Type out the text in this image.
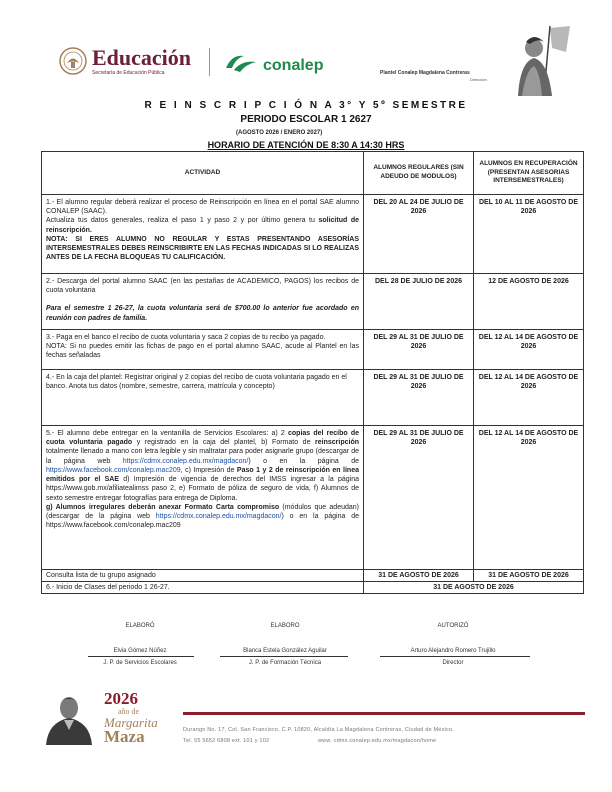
Educación
Secretaría de Educación Pública	conalep	Plantel Conalep Magdalena Contreras
Dirección
R E I N S C R I P C I Ó N A 3° Y 5º SEMESTRE
PERIODO ESCOLAR 1 2627
(AGOSTO 2026 / ENERO 2027)
HORARIO DE ATENCIÓN DE 8:30 A 14:30 HRS
ACTIVIDAD	ALUMNOS REGULARES (SIN ADEUDO DE MODULOS)	ALUMNOS EN RECUPERACIÓN (PRESENTAN ASESORIAS INTERSEMESTRALES)

1.- El alumno regular deberá realizar el proceso de Reinscripción en línea en el portal SAE alumno CONALEP (SAAC).
Actualiza tus datos generales, realiza el paso 1 y paso 2 y por último genera tu solicitud de reinscripción.
NOTA: SI ERES ALUMNO NO REGULAR Y ESTAS PRESENTANDO ASESORÍAS INTERSEMESTRALES DEBES REINSCRIBIRTE EN LAS FECHAS INDICADAS SI LO REALIZAS ANTES DE LA FECHA BLOQUEAS TU CALIFICACIÓN.	DEL 20 AL 24 DE JULIO DE 2026	DEL 10 AL 11 DE AGOSTO DE 2026

2.- Descarga del portal alumno SAAC (en las pestañas de ACADEMICO, PAGOS) los recibos de cuota voluntaria
Para el semestre 1 26-27, la cuota voluntaria será de $700.00 lo anterior fue acordado en reunión con padres de familia.	DEL 28 DE JULIO DE 2026	12 DE AGOSTO DE 2026

3.- Paga en el banco el recibo de cuota voluntaria y saca 2 copias de tu recibo ya pagado.
NOTA: Si no puedes emitir las fichas de pago en el portal alumno SAAC, acude al Plantel en las fechas señaladas	DEL 29 AL 31 DE JULIO DE 2026	DEL 12 AL 14 DE AGOSTO DE 2026

4.- En la caja del plantel: Registrar original y 2 copias del recibo de cuota voluntaria pagado en el banco. Anota tus datos (nombre, semestre, carrera, matrícula y concepto)	DEL 29 AL 31 DE JULIO DE 2026	DEL 12 AL 14 DE AGOSTO DE 2026

5.- El alumno debe entregar en la ventanilla de Servicios Escolares: a) 2 copias del recibo de cuota voluntaria pagado y registrado en la caja del plantel, b) Formato de reinscripción totalmente llenado a mano con letra legible y sin maltratar para poder asignarle grupo (descargar de la página web https://cdmx.conalep.edu.mx/magdacon/) o en la página de https://www.facebook.com/conalep.mac209, c) Impresión de Paso 1 y 2 de reinscripción en línea emitidos por el SAE d) Impresión de vigencia de derechos del IMSS ingresar a la página https://www.gob.mx/afiliatealimss paso 2, e) Formato de póliza de seguro de vida, f) Alumnos de sexto semestre entregar fotografías para entrega de Diploma.
g) Alumnos irregulares deberán anexar Formato Carta compromiso (módulos que adeudan) (descargar de la página web https://cdmx.conalep.edu.mx/magdacon/) o en la página de https://www.facebook.com/conalep.mac209	DEL 29 AL 31 DE JULIO DE 2026	DEL 12 AL 14 DE AGOSTO DE 2026
Consulta lista de tu grupo asignado	31 DE AGOSTO DE 2026	31 DE AGOSTO DE 2026
6.- Inicio de Clases del periodo 1 26-27.	31 DE AGOSTO DE 2026	
ELABORÓ
Elvia Gómez Núñez
J. P. de Servicios Escolares
ELABORO
Blanca Estela González Aguilar
J. P. de Formación Técnica
AUTORIZÓ
Arturo Alejandro Romero Trujillo
Director
2026
año de
Margarita
Maza	Durango No. 17, Col. San Francisco, C.P. 10820, Alcaldía La Magdalena Contreras, Ciudad de México.
Tel. 55 5652 6808 ext. 101 y 102	www. cdmx.conalep.edu.mx/magdacon/home
